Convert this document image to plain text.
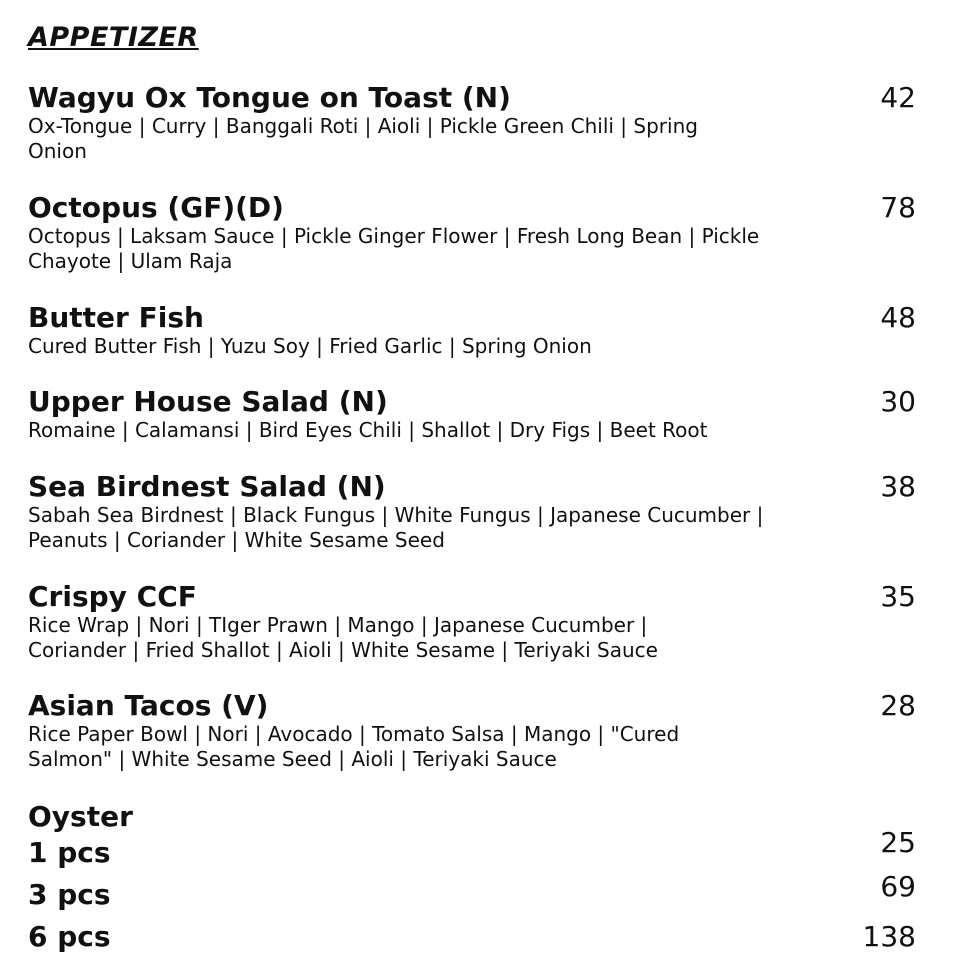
APPETIZER
Wagyu Ox Tongue on Toast (N)	42
Ox-Tongue | Curry | Banggali Roti | Aioli | Pickle Green Chili | Spring
Onion
Octopus (GF)(D)	78
Octopus | Laksam Sauce | Pickle Ginger Flower | Fresh Long Bean | Pickle
Chayote | Ulam Raja
Butter Fish	48
Cured Butter Fish | Yuzu Soy | Fried Garlic | Spring Onion
Upper House Salad (N)	30
Romaine | Calamansi | Bird Eyes Chili | Shallot | Dry Figs | Beet Root
Sea Birdnest Salad (N)	38
Sabah Sea Birdnest | Black Fungus | White Fungus | Japanese Cucumber |
Peanuts | Coriander | White Sesame Seed
Crispy CCF	35
Rice Wrap | Nori | TIger Prawn | Mango | Japanese Cucumber |
Coriander | Fried Shallot | Aioli | White Sesame | Teriyaki Sauce
Asian Tacos (V)	28
Rice Paper Bowl | Nori | Avocado | Tomato Salsa | Mango | "Cured
Salmon" | White Sesame Seed | Aioli | Teriyaki Sauce
Oyster
1 pcs	25
3 pcs	69
6 pcs	138
